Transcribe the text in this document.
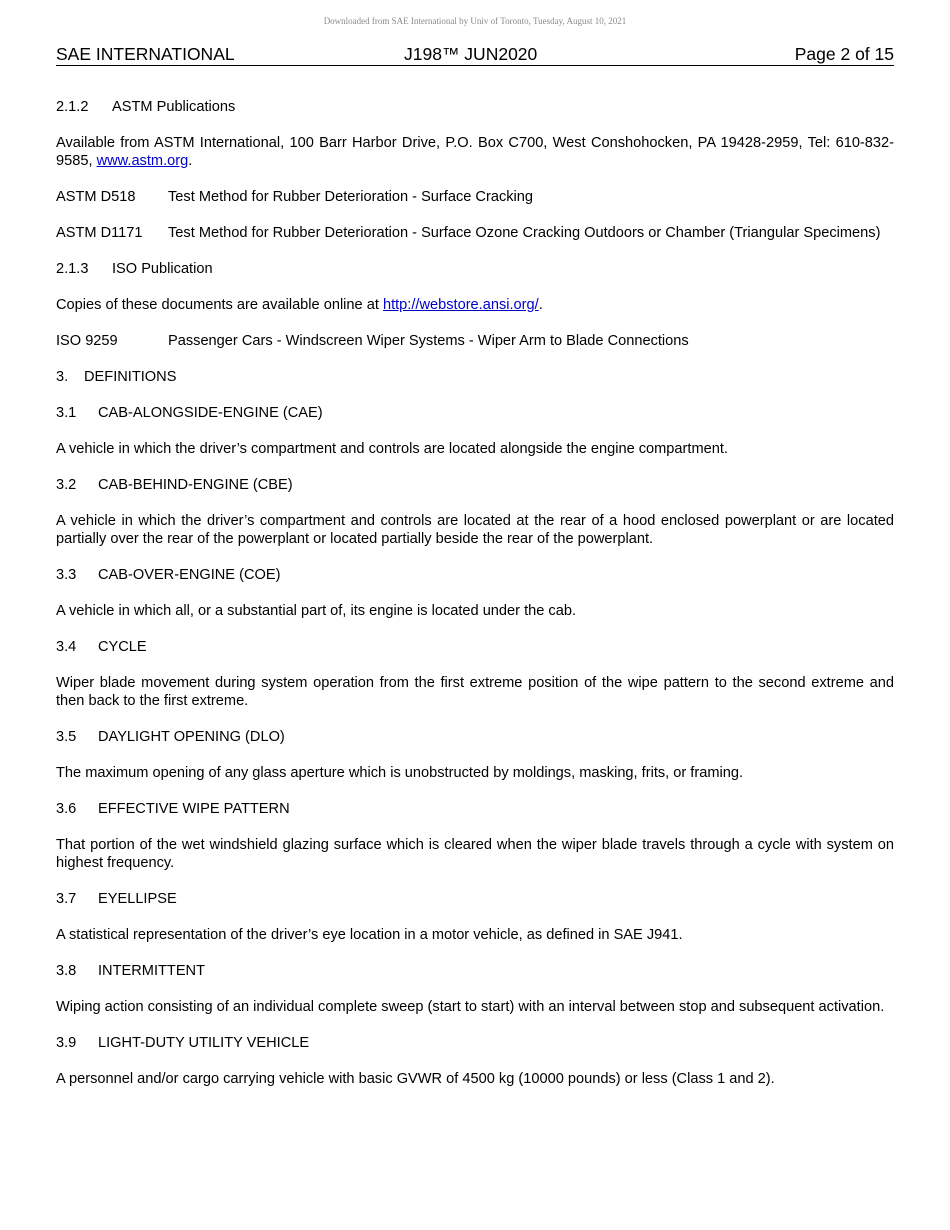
Downloaded from SAE International by Univ of Toronto, Tuesday, August 10, 2021
SAE INTERNATIONAL	J198™ JUN2020	Page 2 of 15
2.1.2	ASTM Publications
Available from ASTM International, 100 Barr Harbor Drive, P.O. Box C700, West Conshohocken, PA 19428-2959, Tel: 610-832-9585, www.astm.org.
ASTM D518	Test Method for Rubber Deterioration - Surface Cracking
ASTM D1171	Test Method for Rubber Deterioration - Surface Ozone Cracking Outdoors or Chamber (Triangular Specimens)
2.1.3	ISO Publication
Copies of these documents are available online at http://webstore.ansi.org/.
ISO 9259	Passenger Cars - Windscreen Wiper Systems - Wiper Arm to Blade Connections
3.	DEFINITIONS
3.1	CAB-ALONGSIDE-ENGINE (CAE)
A vehicle in which the driver’s compartment and controls are located alongside the engine compartment.
3.2	CAB-BEHIND-ENGINE (CBE)
A vehicle in which the driver’s compartment and controls are located at the rear of a hood enclosed powerplant or are located partially over the rear of the powerplant or located partially beside the rear of the powerplant.
3.3	CAB-OVER-ENGINE (COE)
A vehicle in which all, or a substantial part of, its engine is located under the cab.
3.4	CYCLE
Wiper blade movement during system operation from the first extreme position of the wipe pattern to the second extreme and then back to the first extreme.
3.5	DAYLIGHT OPENING (DLO)
The maximum opening of any glass aperture which is unobstructed by moldings, masking, frits, or framing.
3.6	EFFECTIVE WIPE PATTERN
That portion of the wet windshield glazing surface which is cleared when the wiper blade travels through a cycle with system on highest frequency.
3.7	EYELLIPSE
A statistical representation of the driver’s eye location in a motor vehicle, as defined in SAE J941.
3.8	INTERMITTENT
Wiping action consisting of an individual complete sweep (start to start) with an interval between stop and subsequent activation.
3.9	LIGHT-DUTY UTILITY VEHICLE
A personnel and/or cargo carrying vehicle with basic GVWR of 4500 kg (10000 pounds) or less (Class 1 and 2).
